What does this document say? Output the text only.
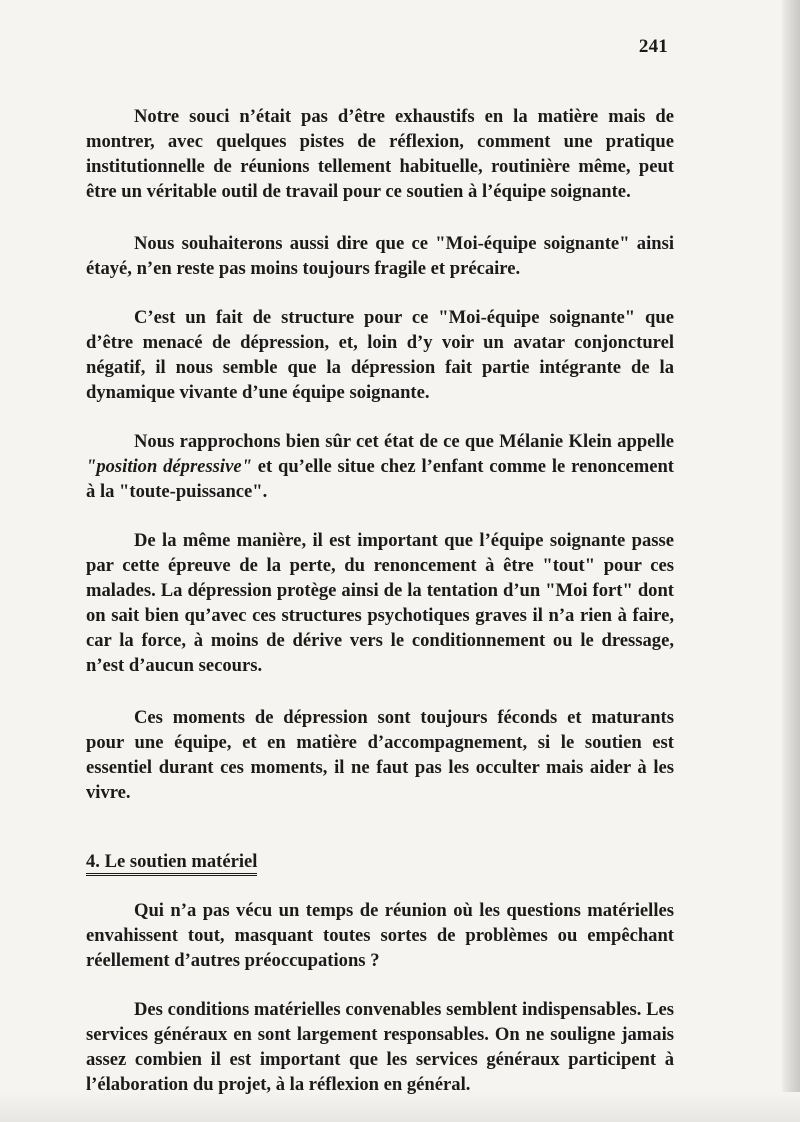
241

Notre souci n’était pas d’être exhaustifs en la matière mais de montrer, avec quelques pistes de réflexion, comment une pratique institutionnelle de réunions tellement habituelle, routinière même, peut être un véritable outil de travail pour ce soutien à l’équipe soignante.

Nous souhaiterons aussi dire que ce "Moi-équipe soignante" ainsi étayé, n’en reste pas moins toujours fragile et précaire.

C’est un fait de structure pour ce "Moi-équipe soignante" que d’être menacé de dépression, et, loin d’y voir un avatar conjoncturel négatif, il nous semble que la dépression fait partie intégrante de la dynamique vivante d’une équipe soignante.

Nous rapprochons bien sûr cet état de ce que Mélanie Klein appelle "position dépressive" et qu’elle situe chez l’enfant comme le renoncement à la "toute-puissance".

De la même manière, il est important que l’équipe soignante passe par cette épreuve de la perte, du renoncement à être "tout" pour ces malades. La dépression protège ainsi de la tentation d’un "Moi fort" dont on sait bien qu’avec ces structures psychotiques graves il n’a rien à faire, car la force, à moins de dérive vers le conditionnement ou le dressage, n’est d’aucun secours.

Ces moments de dépression sont toujours féconds et maturants pour une équipe, et en matière d’accompagnement, si le soutien est essentiel durant ces moments, il ne faut pas les occulter mais aider à les vivre.

4. Le soutien matériel

Qui n’a pas vécu un temps de réunion où les questions matérielles envahissent tout, masquant toutes sortes de problèmes ou empêchant réellement d’autres préoccupations ?

Des conditions matérielles convenables semblent indispensables. Les services généraux en sont largement responsables. On ne souligne jamais assez combien il est important que les services généraux participent à l’élaboration du projet, à la réflexion en général.
